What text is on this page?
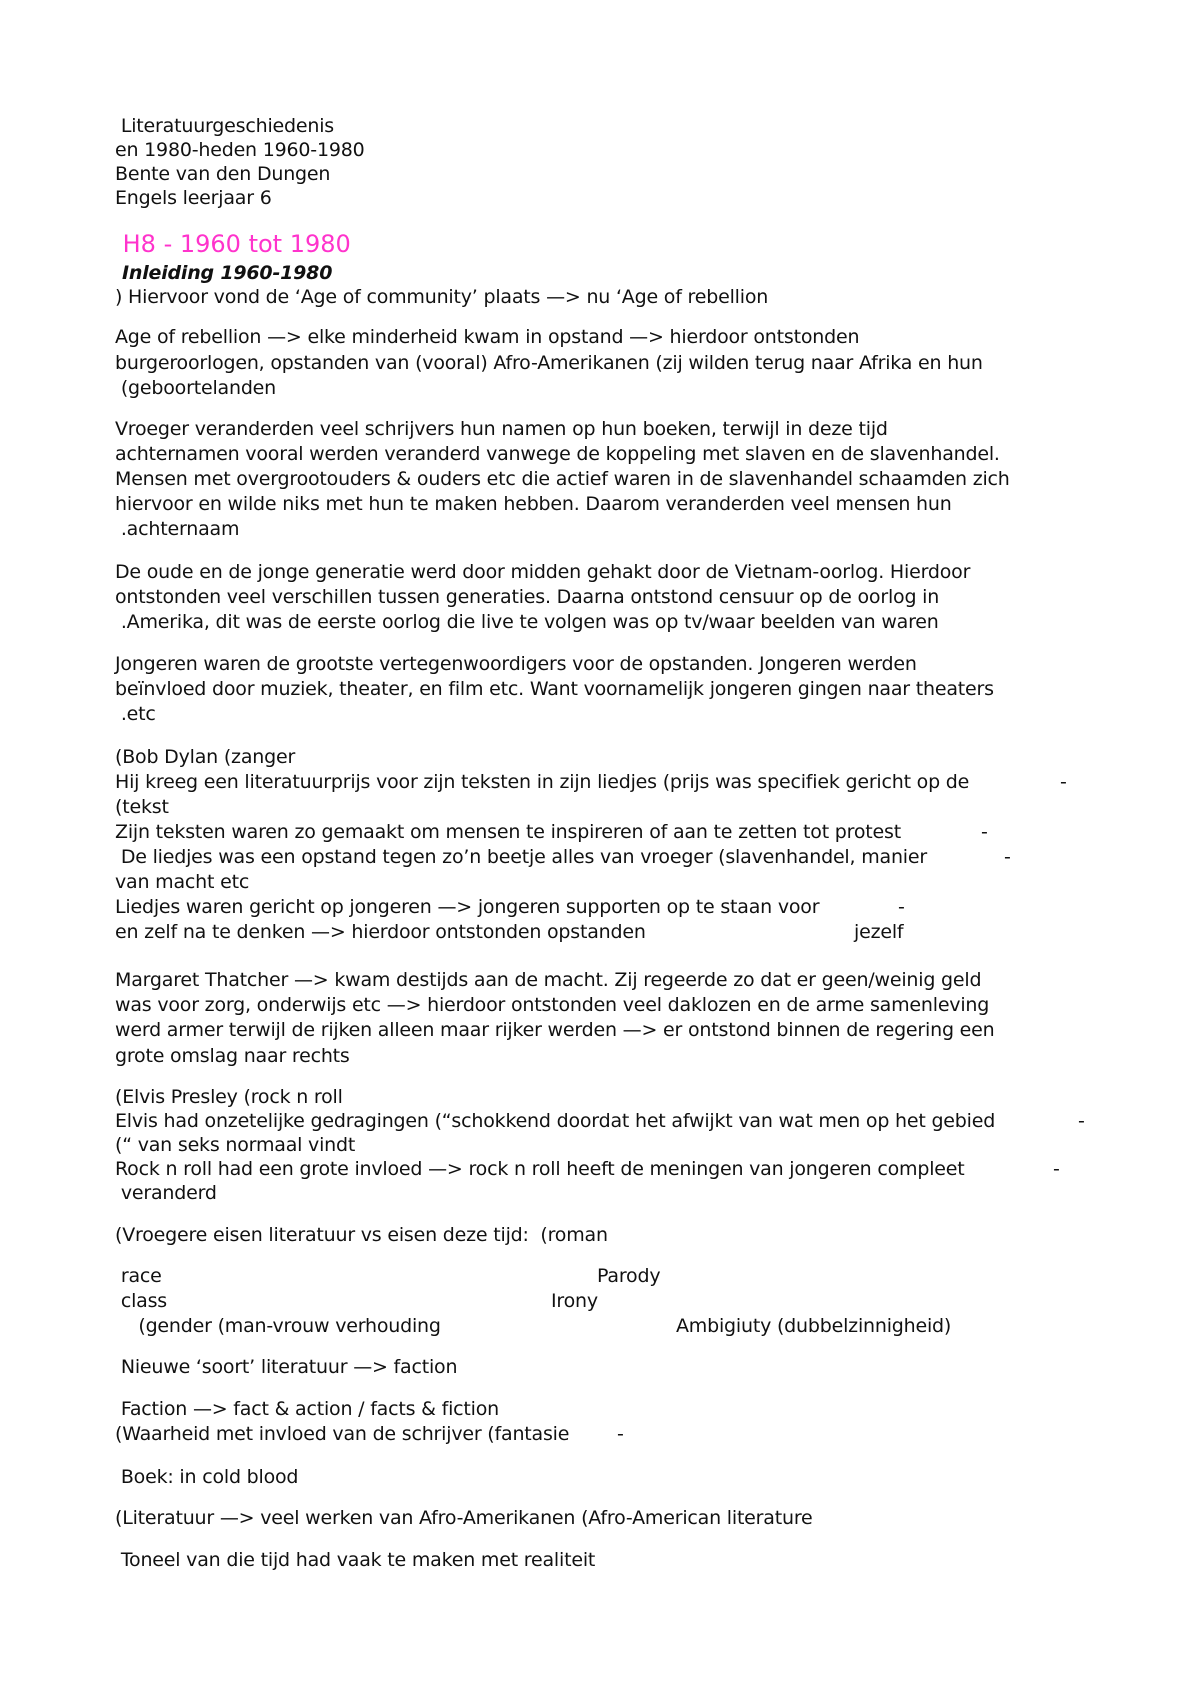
Literatuurgeschiedenis
en 1980-heden 1960-1980
Bente van den Dungen
Engels leerjaar 6
H8 - 1960 tot 1980
Inleiding 1960-1980
) Hiervoor vond de ‘Age of community’ plaats —> nu ‘Age of rebellion
Age of rebellion —> elke minderheid kwam in opstand —> hierdoor ontstonden
burgeroorlogen, opstanden van (vooral) Afro-Amerikanen (zij wilden terug naar Afrika en hun
(geboortelanden
Vroeger veranderden veel schrijvers hun namen op hun boeken, terwijl in deze tijd
achternamen vooral werden veranderd vanwege de koppeling met slaven en de slavenhandel.
Mensen met overgrootouders & ouders etc die actief waren in de slavenhandel schaamden zich
hiervoor en wilde niks met hun te maken hebben. Daarom veranderden veel mensen hun
.achternaam
De oude en de jonge generatie werd door midden gehakt door de Vietnam-oorlog. Hierdoor
ontstonden veel verschillen tussen generaties. Daarna ontstond censuur op de oorlog in
.Amerika, dit was de eerste oorlog die live te volgen was op tv/waar beelden van waren
Jongeren waren de grootste vertegenwoordigers voor de opstanden. Jongeren werden
beïnvloed door muziek, theater, en film etc. Want voornamelijk jongeren gingen naar theaters
.etc
(Bob Dylan (zanger
Hij kreeg een literatuurprijs voor zijn teksten in zijn liedjes (prijs was specifiek gericht op de	-
(tekst
Zijn teksten waren zo gemaakt om mensen te inspireren of aan te zetten tot protest	-
De liedjes was een opstand tegen zo’n beetje alles van vroeger (slavenhandel, manier	-
van macht etc
Liedjes waren gericht op jongeren —> jongeren supporten op te staan voor	-
en zelf na te denken —> hierdoor ontstonden opstanden	jezelf
Margaret Thatcher —> kwam destijds aan de macht. Zij regeerde zo dat er geen/weinig geld
was voor zorg, onderwijs etc —> hierdoor ontstonden veel daklozen en de arme samenleving
werd armer terwijl de rijken alleen maar rijker werden —> er ontstond binnen de regering een
grote omslag naar rechts
(Elvis Presley (rock n roll
Elvis had onzetelijke gedragingen (“schokkend doordat het afwijkt van wat men op het gebied	-
(“ van seks normaal vindt
Rock n roll had een grote invloed —> rock n roll heeft de meningen van jongeren compleet	-
veranderd
(Vroegere eisen literatuur vs eisen deze tijd:  (roman
race	Parody
class	Irony
(gender (man-vrouw verhouding	Ambigiuty (dubbelzinnigheid)
Nieuwe ‘soort’ literatuur —> faction
Faction —> fact & action / facts & fiction
(Waarheid met invloed van de schrijver (fantasie	-
Boek: in cold blood
(Literatuur —> veel werken van Afro-Amerikanen (Afro-American literature
Toneel van die tijd had vaak te maken met realiteit
